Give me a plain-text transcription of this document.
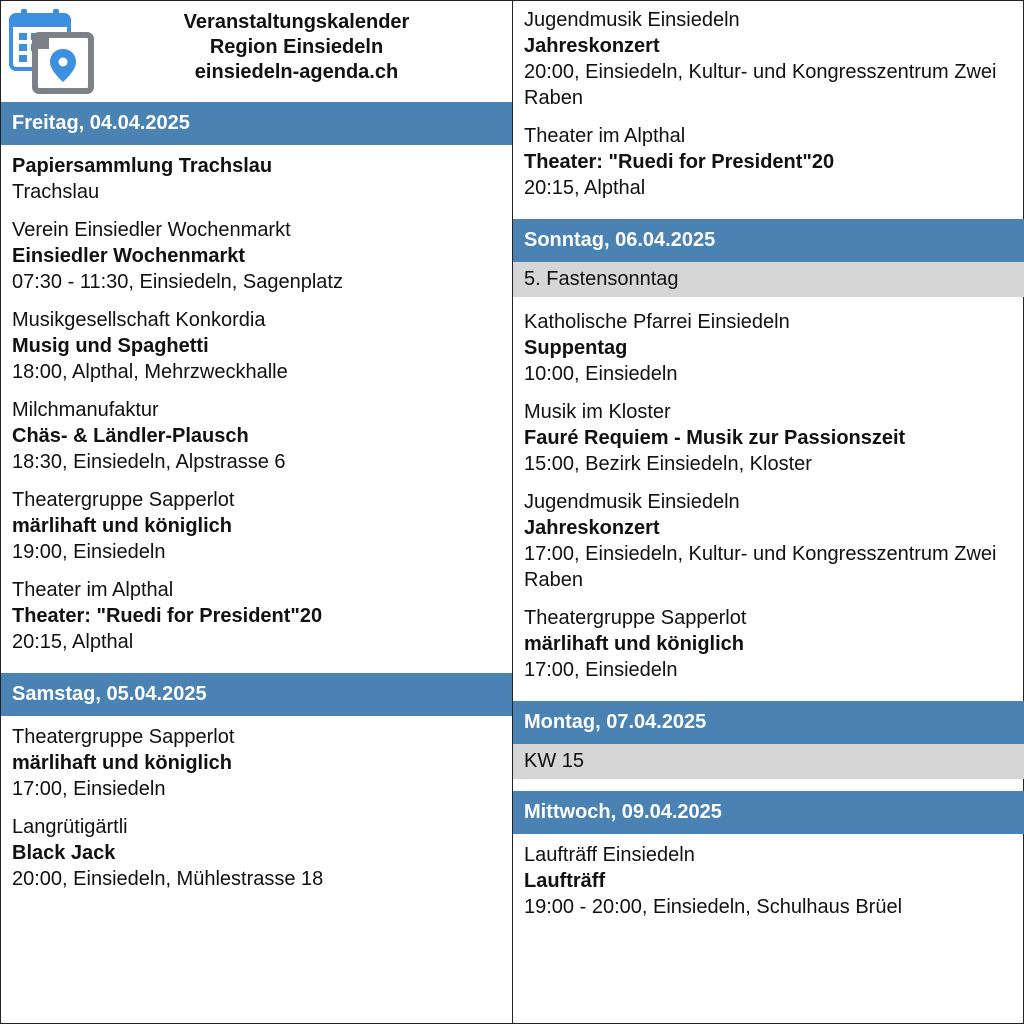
Veranstaltungskalender
Region Einsiedeln
einsiedeln-agenda.ch
Freitag, 04.04.2025
Papiersammlung Trachslau
Trachslau
Verein Einsiedler Wochenmarkt
Einsiedler Wochenmarkt
07:30 - 11:30, Einsiedeln, Sagenplatz
Musikgesellschaft Konkordia
Musig und Spaghetti
18:00, Alpthal, Mehrzweckhalle
Milchmanufaktur
Chäs- & Ländler-Plausch
18:30, Einsiedeln, Alpstrasse 6
Theatergruppe Sapperlot
märlihaft und königlich
19:00, Einsiedeln
Theater im Alpthal
Theater: "Ruedi for President"20
20:15, Alpthal
Samstag, 05.04.2025
Theatergruppe Sapperlot
märlihaft und königlich
17:00, Einsiedeln
Langrütigärtli
Black Jack
20:00, Einsiedeln, Mühlestrasse 18
Jugendmusik Einsiedeln
Jahreskonzert
20:00, Einsiedeln, Kultur- und Kongresszentrum Zwei Raben
Theater im Alpthal
Theater: "Ruedi for President"20
20:15, Alpthal
Sonntag, 06.04.2025
5. Fastensonntag
Katholische Pfarrei Einsiedeln
Suppentag
10:00, Einsiedeln
Musik im Kloster
Fauré Requiem - Musik zur Passionszeit
15:00, Bezirk Einsiedeln, Kloster
Jugendmusik Einsiedeln
Jahreskonzert
17:00, Einsiedeln, Kultur- und Kongresszentrum Zwei Raben
Theatergruppe Sapperlot
märlihaft und königlich
17:00, Einsiedeln
Montag, 07.04.2025
KW 15
Mittwoch, 09.04.2025
Laufträff Einsiedeln
Laufträff
19:00 - 20:00, Einsiedeln, Schulhaus Brüel
